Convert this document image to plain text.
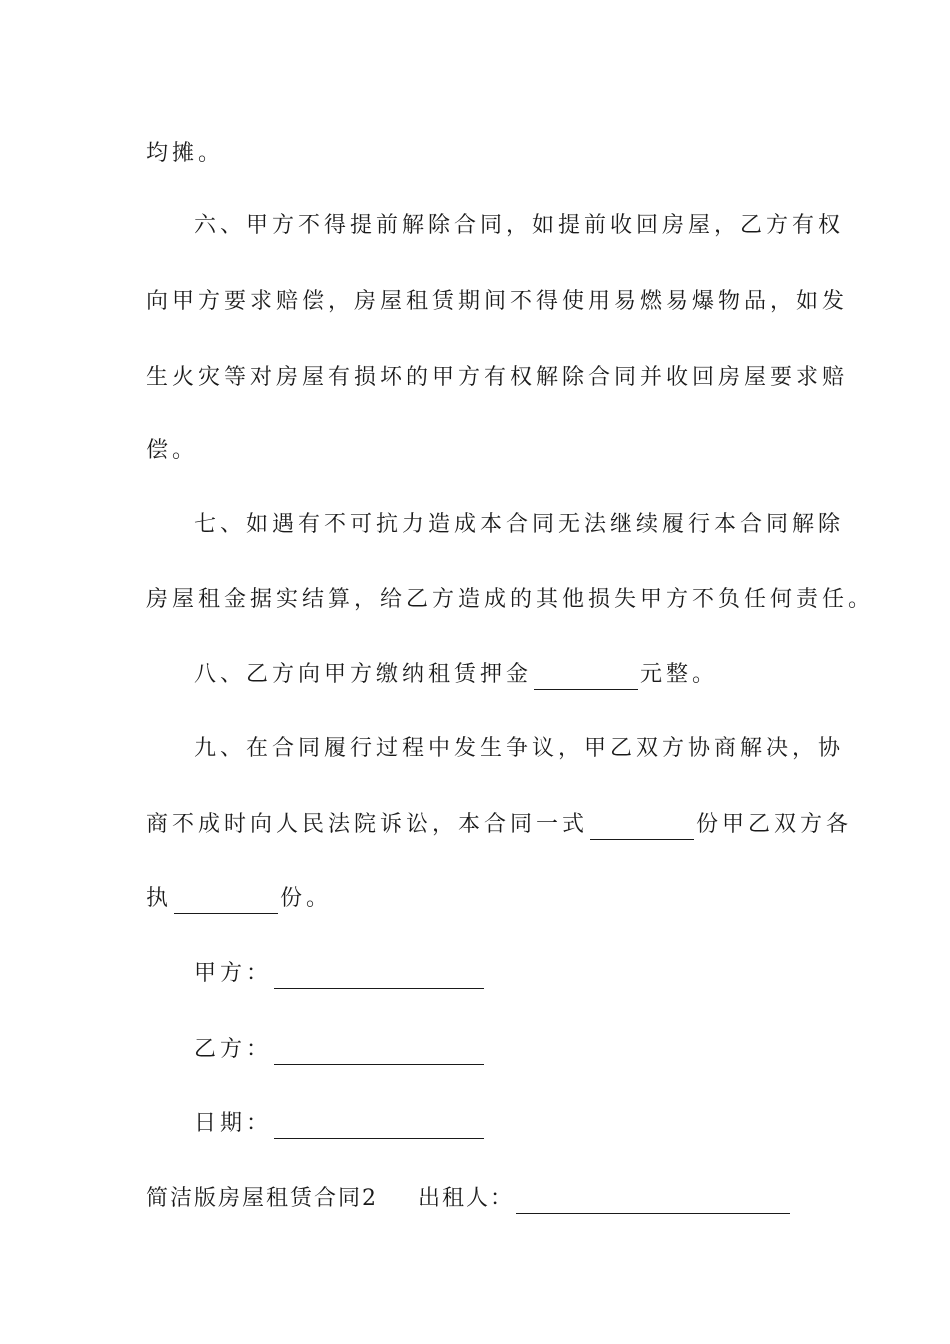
均摊。
六、甲方不得提前解除合同，如提前收回房屋，乙方有权
向甲方要求赔偿，房屋租赁期间不得使用易燃易爆物品，如发
生火灾等对房屋有损坏的甲方有权解除合同并收回房屋要求赔
偿。
七、如遇有不可抗力造成本合同无法继续履行本合同解除
房屋租金据实结算，给乙方造成的其他损失甲方不负任何责任。
八、乙方向甲方缴纳租赁押金	元整。
九、在合同履行过程中发生争议，甲乙双方协商解决，协
商不成时向人民法院诉讼，本合同一式	份甲乙双方各
执	份。
甲方：
乙方：
日期：
简洁版房屋租赁合同2 出租人：
